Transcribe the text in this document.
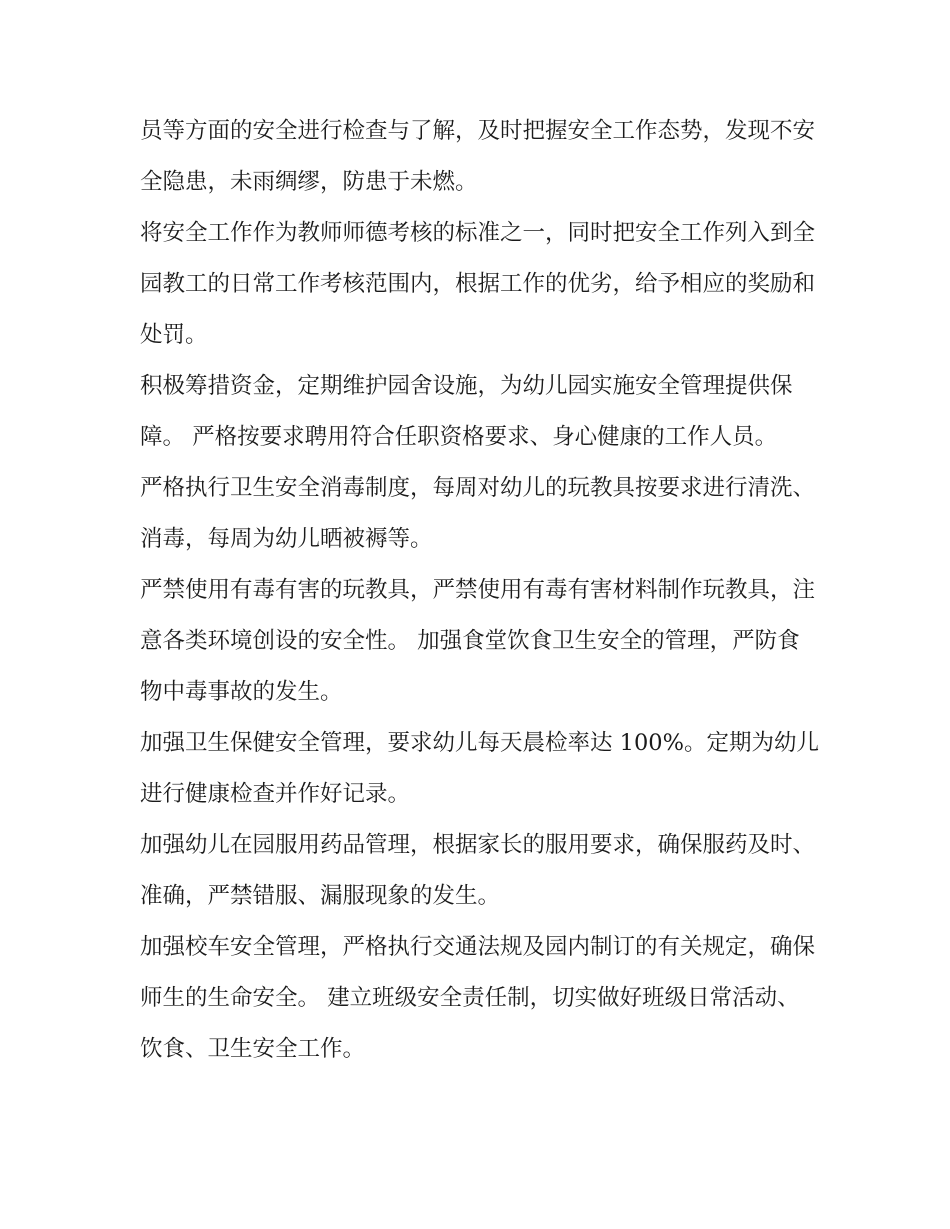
员等方面的安全进行检查与了解，及时把握安全工作态势，发现不安全隐患，未雨绸缪，防患于未燃。

将安全工作作为教师师德考核的标准之一，同时把安全工作列入到全园教工的日常工作考核范围内，根据工作的优劣，给予相应的奖励和处罚。

积极筹措资金，定期维护园舍设施，为幼儿园实施安全管理提供保障。 严格按要求聘用符合任职资格要求、身心健康的工作人员。

严格执行卫生安全消毒制度，每周对幼儿的玩教具按要求进行清洗、消毒，每周为幼儿晒被褥等。

严禁使用有毒有害的玩教具，严禁使用有毒有害材料制作玩教具，注意各类环境创设的安全性。 加强食堂饮食卫生安全的管理，严防食物中毒事故的发生。

加强卫生保健安全管理，要求幼儿每天晨检率达 100%。定期为幼儿进行健康检查并作好记录。

加强幼儿在园服用药品管理，根据家长的服用要求，确保服药及时、准确，严禁错服、漏服现象的发生。

加强校车安全管理，严格执行交通法规及园内制订的有关规定，确保师生的生命安全。 建立班级安全责任制，切实做好班级日常活动、饮食、卫生安全工作。
